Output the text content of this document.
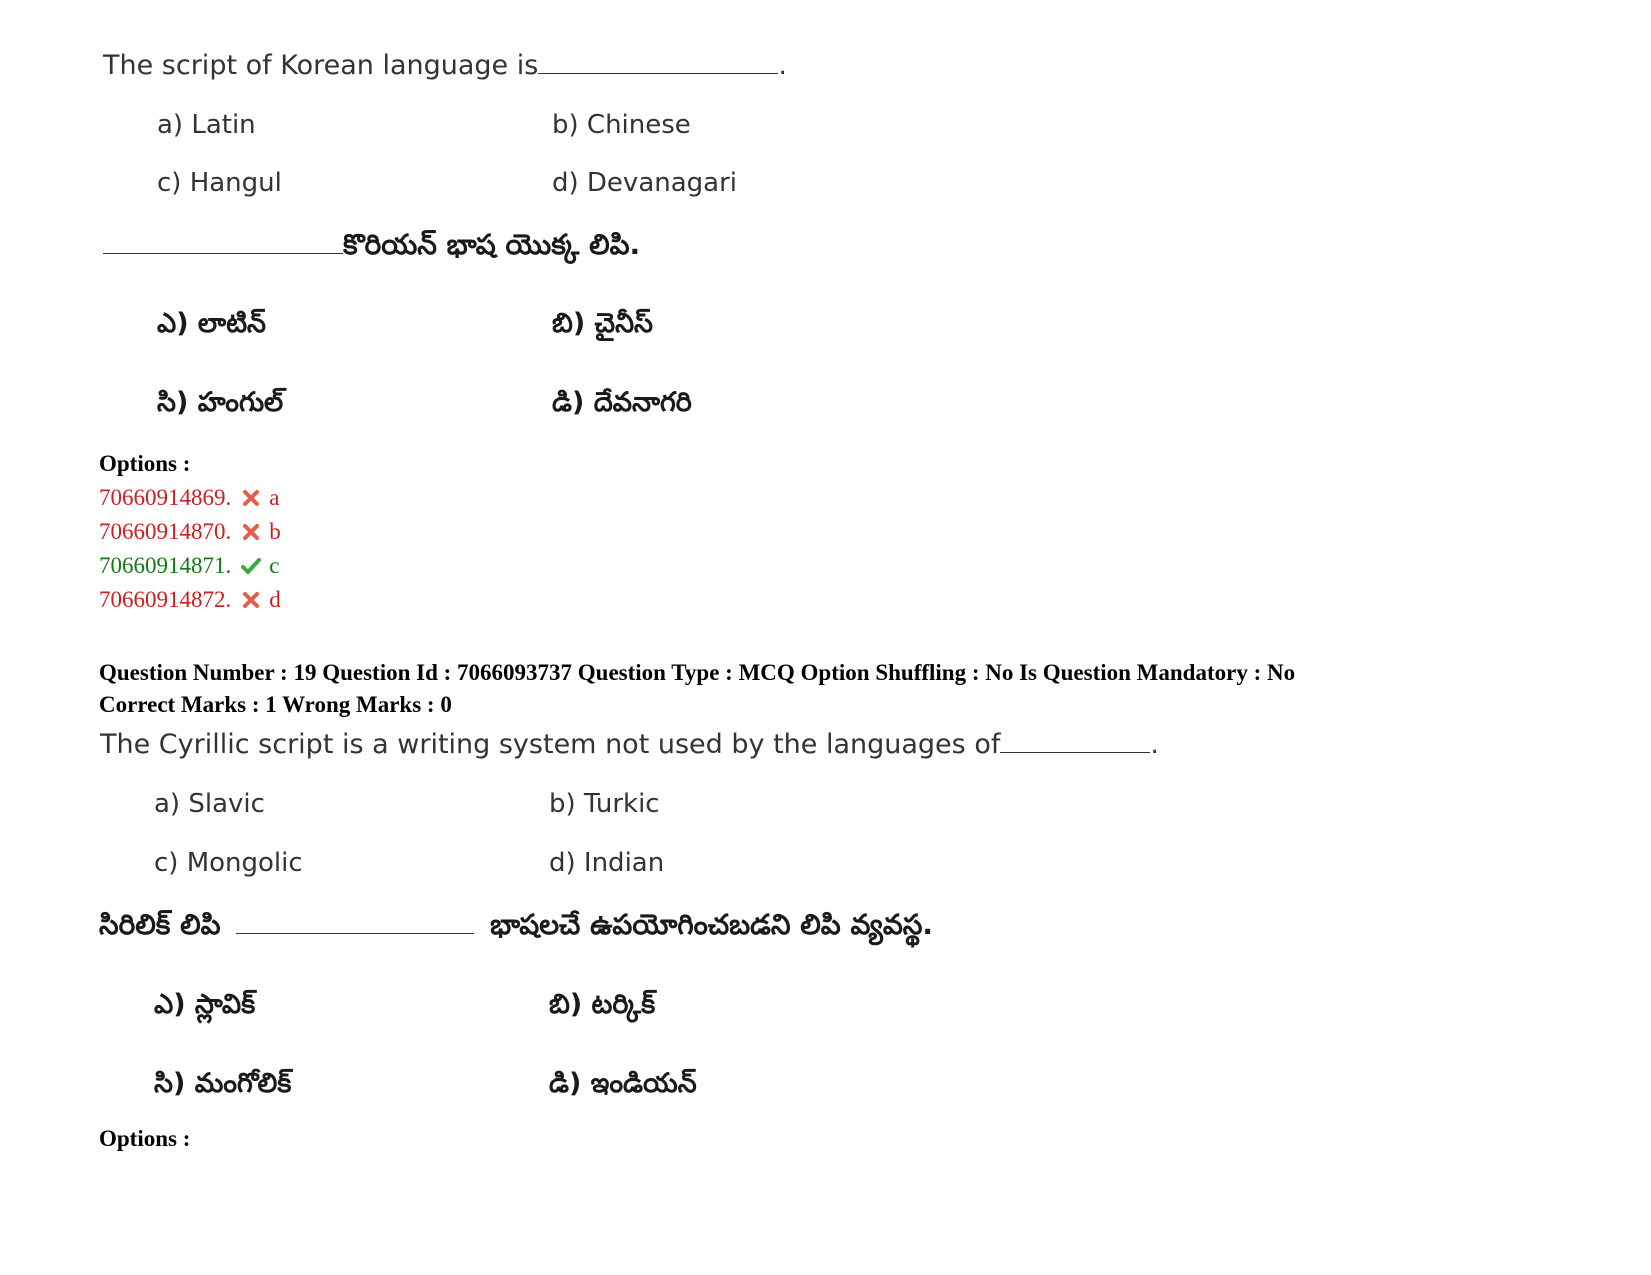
The script of Korean language is	.
a) Latin	b) Chinese
c) Hangul	d) Devanagari
కొరియన్ భాష యొక్క లిపి.
ఎ) లాటిన్	బి) చైనీస్
సి) హంగుల్	డి) దేవనాగరి
Options :
70660914869. a
70660914870. b
70660914871. c
70660914872. d
Question Number : 19 Question Id : 7066093737 Question Type : MCQ Option Shuffling : No Is Question Mandatory : No
Correct Marks : 1 Wrong Marks : 0
The Cyrillic script is a writing system not used by the languages of	.
a) Slavic	b) Turkic
c) Mongolic	d) Indian
సిరిలిక్ లిపి	భాషలచే ఉపయోగించబడని లిపి వ్యవస్థ.
ఎ) స్లావిక్	బి) టర్కిక్
సి) మంగోలిక్	డి) ఇండియన్
Options :
